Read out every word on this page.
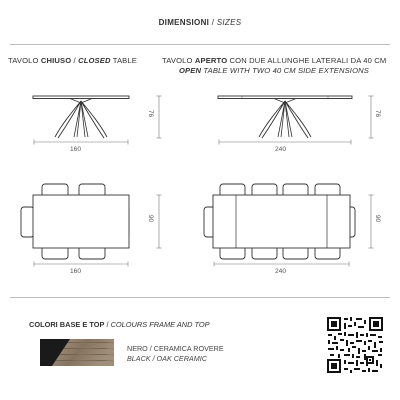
DIMENSIONI / SIZES
TAVOLO CHIUSO / CLOSED TABLE	TAVOLO APERTO CON DUE ALLUNGHE LATERALI DA 40 CM
OPEN TABLE WITH TWO 40 CM SIDE EXTENSIONS
160
76
240
76
160
90
240
90
COLORI BASE E TOP / COLOURS FRAME AND TOP
NERO / CERAMICA ROVERE
BLACK / OAK CERAMIC
